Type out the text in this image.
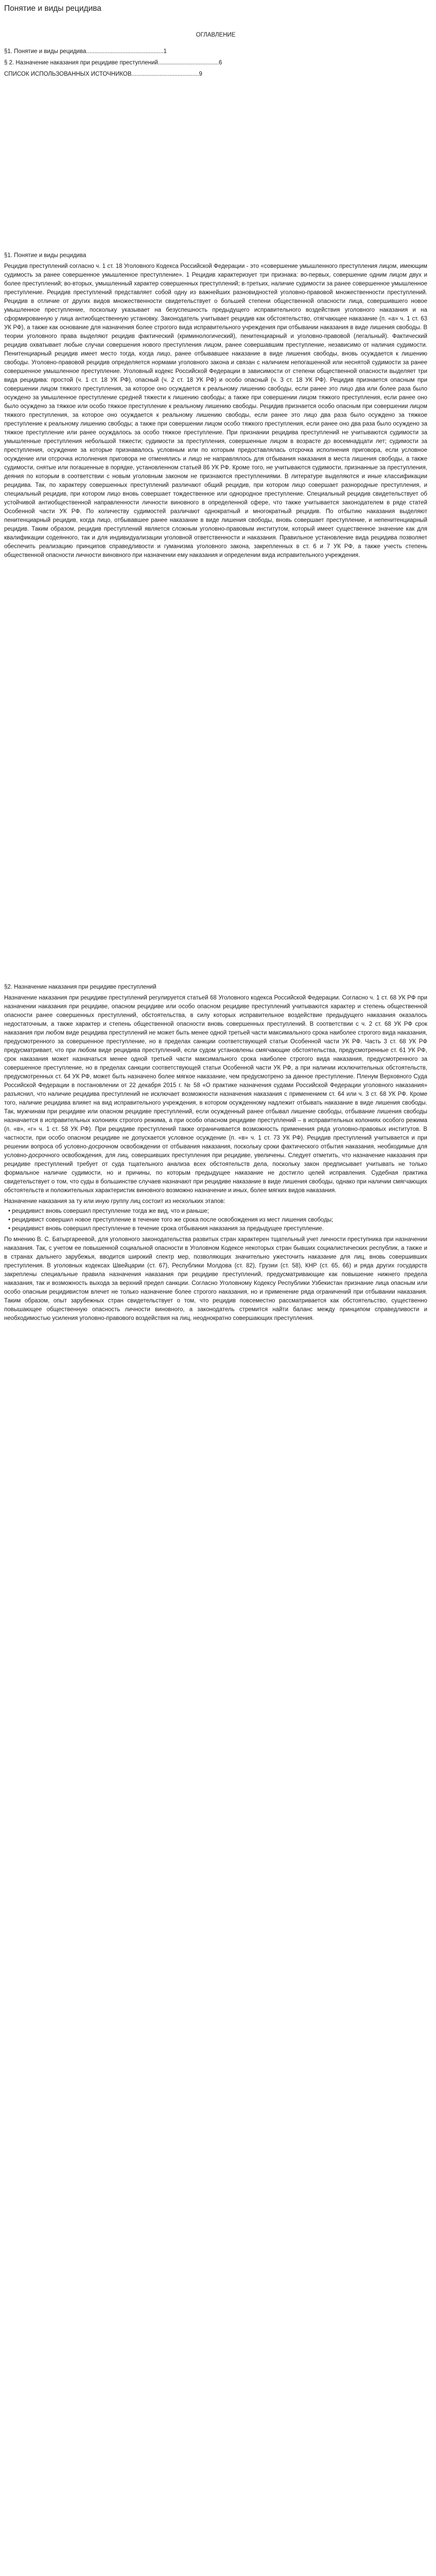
Понятие и виды рецидива
ОГЛАВЛЕНИЕ
§1. Понятие и виды рецидива...............................................1
§ 2. Назначение наказания при рецидиве преступлений.....................................6
СПИСОК ИСПОЛЬЗОВАННЫХ ИСТОЧНИКОВ.........................................9
§1. Понятие и виды рецидива
Рецидив преступлений согласно ч. 1 ст. 18 Уголовного Кодекса Российской Федерации - это «совершение умышленного преступления лицом, имеющим судимость за ранее совершенное умышленное преступление». 1 Рецидив характеризует три признака: во-первых, совершение одним лицом двух и более преступлений; во-вторых, умышленный характер совершенных преступлений; в-третьих, наличие судимости за ранее совершенное умышленное преступление. Рецидив преступлений представляет собой одну из важнейших разновидностей уголовно-правовой множественности преступлений. Рецидив в отличие от других видов множественности свидетельствует о большей степени общественной опасности лица, совершившего новое умышленное преступление, поскольку указывает на безуспешность предыдущего исправительного воздействия уголовного наказания и на сформированную у лица антиобщественную установку. Законодатель учитывает рецидив как обстоятельство, отягчающее наказание (п. «а» ч. 1 ст. 63 УК РФ), а также как основание для назначения более строгого вида исправительного учреждения при отбывании наказания в виде лишения свободы. В теории уголовного права выделяют рецидив фактический (криминологический), пенитенциарный и уголовно-правовой (легальный). Фактический рецидив охватывает любые случаи совершения нового преступления лицом, ранее совершавшим преступление, независимо от наличия судимости. Пенитенциарный рецидив имеет место тогда, когда лицо, ранее отбывавшее наказание в виде лишения свободы, вновь осуждается к лишению свободы. Уголовно-правовой рецидив определяется нормами уголовного закона и связан с наличием непогашенной или неснятой судимости за ранее совершенное умышленное преступление. Уголовный кодекс Российской Федерации в зависимости от степени общественной опасности выделяет три вида рецидива: простой (ч. 1 ст. 18 УК РФ), опасный (ч. 2 ст. 18 УК РФ) и особо опасный (ч. 3 ст. 18 УК РФ). Рецидив признается опасным при совершении лицом тяжкого преступления, за которое оно осуждается к реальному лишению свободы, если ранее это лицо два или более раза было осуждено за умышленное преступление средней тяжести к лишению свободы; а также при совершении лицом тяжкого преступления, если ранее оно было осуждено за тяжкое или особо тяжкое преступление к реальному лишению свободы. Рецидив признается особо опасным при совершении лицом тяжкого преступления, за которое оно осуждается к реальному лишению свободы, если ранее это лицо два раза было осуждено за тяжкое преступление к реальному лишению свободы; а также при совершении лицом особо тяжкого преступления, если ранее оно два раза было осуждено за тяжкое преступление или ранее осуждалось за особо тяжкое преступление. При признании рецидива преступлений не учитываются судимости за умышленные преступления небольшой тяжести; судимости за преступления, совершенные лицом в возрасте до восемнадцати лет; судимости за преступления, осуждение за которые признавалось условным или по которым предоставлялась отсрочка исполнения приговора, если условное осуждение или отсрочка исполнения приговора не отменялись и лицо не направлялось для отбывания наказания в места лишения свободы, а также судимости, снятые или погашенные в порядке, установленном статьей 86 УК РФ. Кроме того, не учитываются судимости, признанные за преступления, деяния по которым в соответствии с новым уголовным законом не признаются преступлениями. В литературе выделяются и иные классификации рецидива. Так, по характеру совершенных преступлений различают общий рецидив, при котором лицо совершает разнородные преступления, и специальный рецидив, при котором лицо вновь совершает тождественное или однородное преступление. Специальный рецидив свидетельствует об устойчивой антиобщественной направленности личности виновного в определенной сфере, что также учитывается законодателем в ряде статей Особенной части УК РФ. По количеству судимостей различают однократный и многократный рецидив. По отбытию наказания выделяют пенитенциарный рецидив, когда лицо, отбывавшее ранее наказание в виде лишения свободы, вновь совершает преступление, и непенитенциарный рецидив. Таким образом, рецидив преступлений является сложным уголовно-правовым институтом, который имеет существенное значение как для квалификации содеянного, так и для индивидуализации уголовной ответственности и наказания. Правильное установление вида рецидива позволяет обеспечить реализацию принципов справедливости и гуманизма уголовного закона, закрепленных в ст. 6 и 7 УК РФ, а также учесть степень общественной опасности личности виновного при назначении ему наказания и определении вида исправительного учреждения.
§2. Назначение наказания при рецидиве преступлений
Назначение наказания при рецидиве преступлений регулируется статьей 68 Уголовного кодекса Российской Федерации. Согласно ч. 1 ст. 68 УК РФ при назначении наказания при рецидиве, опасном рецидиве или особо опасном рецидиве преступлений учитываются характер и степень общественной опасности ранее совершенных преступлений, обстоятельства, в силу которых исправительное воздействие предыдущего наказания оказалось недостаточным, а также характер и степень общественной опасности вновь совершенных преступлений. В соответствии с ч. 2 ст. 68 УК РФ срок наказания при любом виде рецидива преступлений не может быть менее одной третьей части максимального срока наиболее строгого вида наказания, предусмотренного за совершенное преступление, но в пределах санкции соответствующей статьи Особенной части УК РФ. Часть 3 ст. 68 УК РФ предусматривает, что при любом виде рецидива преступлений, если судом установлены смягчающие обстоятельства, предусмотренные ст. 61 УК РФ, срок наказания может назначаться менее одной третьей части максимального срока наиболее строгого вида наказания, предусмотренного за совершенное преступление, но в пределах санкции соответствующей статьи Особенной части УК РФ, а при наличии исключительных обстоятельств, предусмотренных ст. 64 УК РФ, может быть назначено более мягкое наказание, чем предусмотрено за данное преступление. Пленум Верховного Суда Российской Федерации в постановлении от 22 декабря 2015 г. № 58 «О практике назначения судами Российской Федерации уголовного наказания» разъяснил, что наличие рецидива преступлений не исключает возможности назначения наказания с применением ст. 64 или ч. 3 ст. 68 УК РФ. Кроме того, наличие рецидива влияет на вид исправительного учреждения, в котором осужденному надлежит отбывать наказание в виде лишения свободы. Так, мужчинам при рецидиве или опасном рецидиве преступлений, если осужденный ранее отбывал лишение свободы, отбывание лишения свободы назначается в исправительных колониях строгого режима, а при особо опасном рецидиве преступлений – в исправительных колониях особого режима (п. «в», «г» ч. 1 ст. 58 УК РФ). При рецидиве преступлений также ограничивается возможность применения ряда уголовно-правовых институтов. В частности, при особо опасном рецидиве не допускается условное осуждение (п. «в» ч. 1 ст. 73 УК РФ). Рецидив преступлений учитывается и при решении вопроса об условно-досрочном освобождении от отбывания наказания, поскольку сроки фактического отбытия наказания, необходимые для условно-досрочного освобождения, для лиц, совершивших преступления при рецидиве, увеличены. Следует отметить, что назначение наказания при рецидиве преступлений требует от суда тщательного анализа всех обстоятельств дела, поскольку закон предписывает учитывать не только формальное наличие судимости, но и причины, по которым предыдущее наказание не достигло целей исправления. Судебная практика свидетельствует о том, что суды в большинстве случаев назначают при рецидиве наказание в виде лишения свободы, однако при наличии смягчающих обстоятельств и положительных характеристик виновного возможно назначение и иных, более мягких видов наказания.
Назначение наказания за ту или иную группу лиц состоит из нескольких этапов:
• рецидивист вновь совершил преступление тогда же вид, что и раньше;
• рецидивист совершил новое преступление в течение того же срока после освобождения из мест лишения свободы;
• рецидивист вновь совершил преступление в течение срока отбывания наказания за предыдущее преступление.
По мнению В. С. Батыргареевой, для уголовного законодательства развитых стран характерен тщательный учет личности преступника при назначении наказания. Так, с учетом ее повышенной социальной опасности в Уголовном Кодексе некоторых стран бывших социалистических республик, а также и в странах дальнего зарубежья, вводится широкий спектр мер, позволяющих значительно ужесточить наказание для лиц, вновь совершивших преступления. В уголовных кодексах Швейцарии (ст. 67), Республики Молдова (ст. 82), Грузии (ст. 58), КНР (ст. 65, 66) и ряда других государств закреплены специальные правила назначения наказания при рецидиве преступлений, предусматривающие как повышение нижнего предела наказания, так и возможность выхода за верхний предел санкции. Согласно Уголовному Кодексу Республики Узбекистан признание лица опасным или особо опасным рецидивистом влечет не только назначение более строгого наказания, но и применение ряда ограничений при отбывании наказания. Таким образом, опыт зарубежных стран свидетельствует о том, что рецидив повсеместно рассматривается как обстоятельство, существенно повышающее общественную опасность личности виновного, а законодатель стремится найти баланс между принципом справедливости и необходимостью усиления уголовно-правового воздействия на лиц, неоднократно совершающих преступления.
